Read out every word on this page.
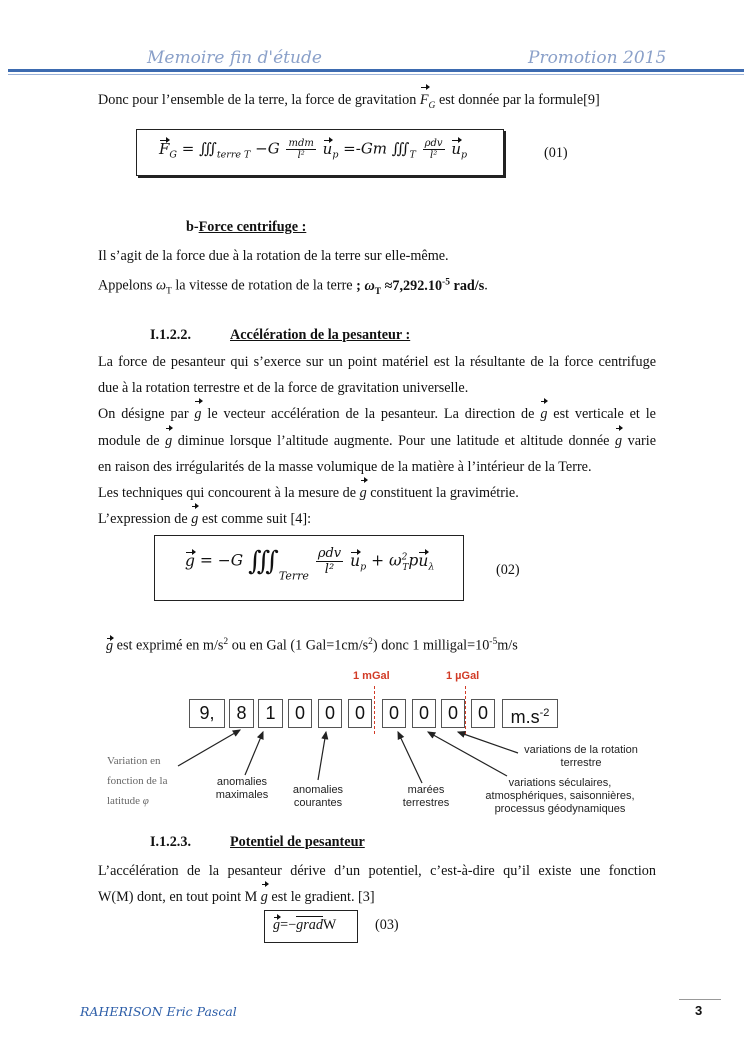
Memoire fin d'étude	Promotion 2015
Donc pour l’ensemble de la terre, la force de gravitation $F_G$ est donnée par la formule[9]
$F_G$ = $∭_{terre T} -G \frac{\text{mdm}}{\text{l²}} u_p =-Gm$ $∭_T \frac{\text{ρdv}}{\text{l²}} u_p$	(01)
b-Force centrifuge :
Il s’agit de la force due à la rotation de la terre sur elle-même.
Appelons $\omega_T$ la vitesse de rotation de la terre ; $\omega_T \approx 7,292.10^{-5}$ rad/s.
I.1.2.2.	Accélération de la pesanteur :
La force de pesanteur qui s’exerce sur un point matériel est la résultante de la force centrifuge
due à la rotation terrestre et de la force de gravitation universelle.
On désigne par g le vecteur accélération de la pesanteur. La direction de g est verticale et le
module de g diminue lorsque l’altitude augmente. Pour une latitude et altitude donnée g varie
en raison des irrégularités de la masse volumique de la matière à l’intérieur de la Terre.
Les techniques qui concourent à la mesure de g constituent la gravimétrie.
L’expression de g est comme suit [4]:
g = −G $∭_{Terre} \frac{\text{ρdv}}{\text{l²}} u_p + \omega^2_Tpu_\lambda$	(02)
g est exprimé en $m/s^2$ ou en Gal (1 $Gal=1cm/s^2$) donc 1 $milligal=10^{-5}m/s$
1 mGal	1 µGal
9,	8	1	0	0	0	0	0	0	0	$m.s^{-2}$
Variation en
fonction de la
latitude φ
anomalies
maximales	anomalies
courantes
marées
terrestres
variations de la rotation
terrestre
variations séculaires,
atmosphériques, saisonnières,
processus géodynamiques
I.1.2.3.	Potentiel de pesanteur
L’accélération de la pesanteur dérive d’un potentiel, c’est-à-dire qu’il existe une fonction
W(M) dont, en tout point M g est le gradient. [3]
g=−gradW	(03)
RAHERISON Eric Pascal	3
